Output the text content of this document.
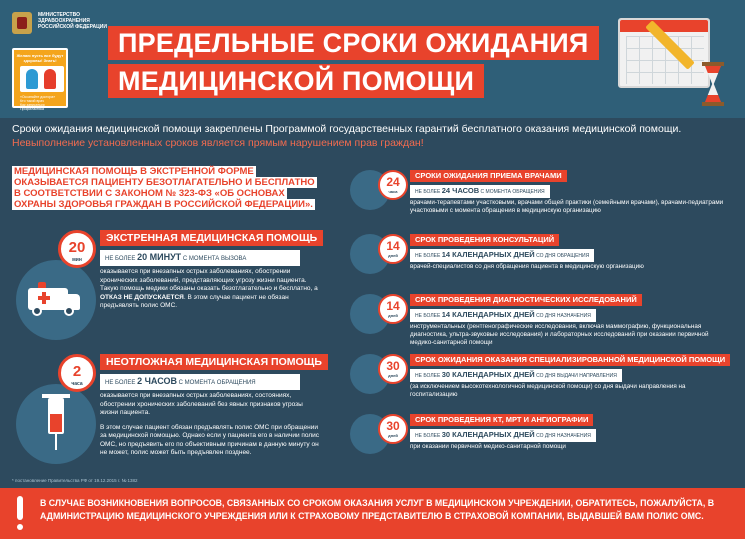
МИНИСТЕРСТВО ЗДРАВООХРАНЕНИЯ РОССИЙСКОЙ ФЕДЕРАЦИИ
Желаю пусть все будут здоровы! Знать!
«Осознайте доктора»
Кто такой врач
Как записаться
Профилактика
ПРЕДЕЛЬНЫЕ СРОКИ ОЖИДАНИЯ
МЕДИЦИНСКОЙ ПОМОЩИ
Сроки ожидания медицинской помощи закреплены Программой государственных гарантий бесплатного оказания медицинской помощи.
Невыполнение установленных сроков является прямым нарушением прав граждан!
МЕДИЦИНСКАЯ ПОМОЩЬ В ЭКСТРЕННОЙ ФОРМЕ ОКАЗЫВАЕТСЯ ПАЦИЕНТУ БЕЗОТЛАГАТЕЛЬНО И БЕСПЛАТНО В СООТВЕТСТВИИ С ЗАКОНОМ № 323-ФЗ «ОБ ОСНОВАХ ОХРАНЫ ЗДОРОВЬЯ ГРАЖДАН В РОССИЙСКОЙ ФЕДЕРАЦИИ».
20
мин
ЭКСТРЕННАЯ МЕДИЦИНСКАЯ ПОМОЩЬ
НЕ БОЛЕЕ 20 МИНУТ С МОМЕНТА ВЫЗОВА
оказывается при внезапных острых заболеваниях, обострении хронических заболеваний, представляющих угрозу жизни пациента. Такую помощь медики обязаны оказать безотлагательно и бесплатно, а ОТКАЗ НЕ ДОПУСКАЕТСЯ. В этом случае пациент не обязан предъявлять полис ОМС.
2
часа
НЕОТЛОЖНАЯ МЕДИЦИНСКАЯ ПОМОЩЬ
НЕ БОЛЕЕ 2 ЧАСОВ С МОМЕНТА ОБРАЩЕНИЯ
оказывается при внезапных острых заболеваниях, состояниях, обострении хронических заболеваний без явных признаков угрозы жизни пациента.
В этом случае пациент обязан предъявлять полис ОМС при обращении за медицинской помощью. Однако если у пациента его в наличии полис ОМС, но предъявить его по объективным причинам в данную минуту он не может, полис может быть предъявлен позднее.
* постановление Правительства РФ от 19.12.2015 г. № 1382
24
часа
СРОКИ ОЖИДАНИЯ ПРИЕМА ВРАЧАМИ
НЕ БОЛЕЕ 24 ЧАСОВ С МОМЕНТА ОБРАЩЕНИЯ
врачами-терапевтами участковыми, врачами общей практики (семейными врачами), врачами-педиатрами участковыми с момента обращения в медицинскую организацию
14
дней
СРОК ПРОВЕДЕНИЯ КОНСУЛЬТАЦИЙ
НЕ БОЛЕЕ 14 КАЛЕНДАРНЫХ ДНЕЙ СО ДНЯ ОБРАЩЕНИЯ
врачей-специалистов со дня обращения пациента в медицинскую организацию
14
дней
СРОК ПРОВЕДЕНИЯ ДИАГНОСТИЧЕСКИХ ИССЛЕДОВАНИЙ
НЕ БОЛЕЕ 14 КАЛЕНДАРНЫХ ДНЕЙ СО ДНЯ НАЗНАЧЕНИЯ
инструментальных (рентгенографические исследования, включая маммографию, функциональная диагностика, ультра-звуковые исследования) и лабораторных исследований при оказании первичной медико-санитарной помощи
30
дней
СРОК ОЖИДАНИЯ ОКАЗАНИЯ СПЕЦИАЛИЗИРОВАННОЙ МЕДИЦИНСКОЙ ПОМОЩИ
НЕ БОЛЕЕ 30 КАЛЕНДАРНЫХ ДНЕЙ СО ДНЯ ВЫДАЧИ НАПРАВЛЕНИЯ
(за исключением высокотехнологичной медицинской помощи) со дня выдачи направления на госпитализацию
30
дней
СРОК ПРОВЕДЕНИЯ КТ, МРТ И АНГИОГРАФИИ
НЕ БОЛЕЕ 30 КАЛЕНДАРНЫХ ДНЕЙ СО ДНЯ НАЗНАЧЕНИЯ
при оказании первичной медико-санитарной помощи
В СЛУЧАЕ ВОЗНИКНОВЕНИЯ ВОПРОСОВ, СВЯЗАННЫХ СО СРОКОМ ОКАЗАНИЯ УСЛУГ В МЕДИЦИНСКОМ УЧРЕЖДЕНИИ, ОБРАТИТЕСЬ, ПОЖАЛУЙСТА, В АДМИНИСТРАЦИЮ МЕДИЦИНСКОГО УЧРЕЖДЕНИЯ ИЛИ К СТРАХОВОМУ ПРЕДСТАВИТЕЛЮ В СТРАХОВОЙ КОМПАНИИ, ВЫДАВШЕЙ ВАМ ПОЛИС ОМС.
